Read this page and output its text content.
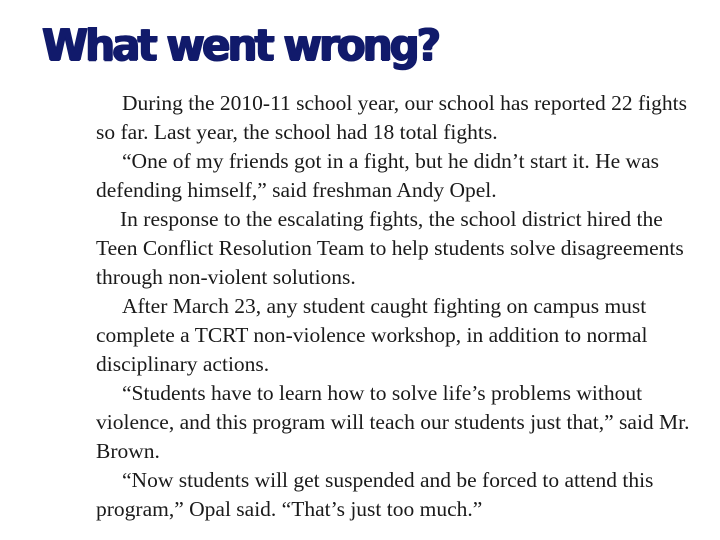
What went wrong?

During the 2010-11 school year, our school has reported 22 fights so far. Last year, the school had 18 total fights.

“One of my friends got in a fight, but he didn’t start it. He was defending himself,” said freshman Andy Opel.

In response to the escalating fights, the school district hired the Teen Conflict Resolution Team to help students solve disagreements through non-violent solutions.

After March 23, any student caught fighting on campus must complete a TCRT non-violence workshop, in addition to normal disciplinary actions.

“Students have to learn how to solve life’s problems without violence, and this program will teach our students just that,” said Mr. Brown.

“Now students will get suspended and be forced to attend this program,” Opal said. “That’s just too much.”
